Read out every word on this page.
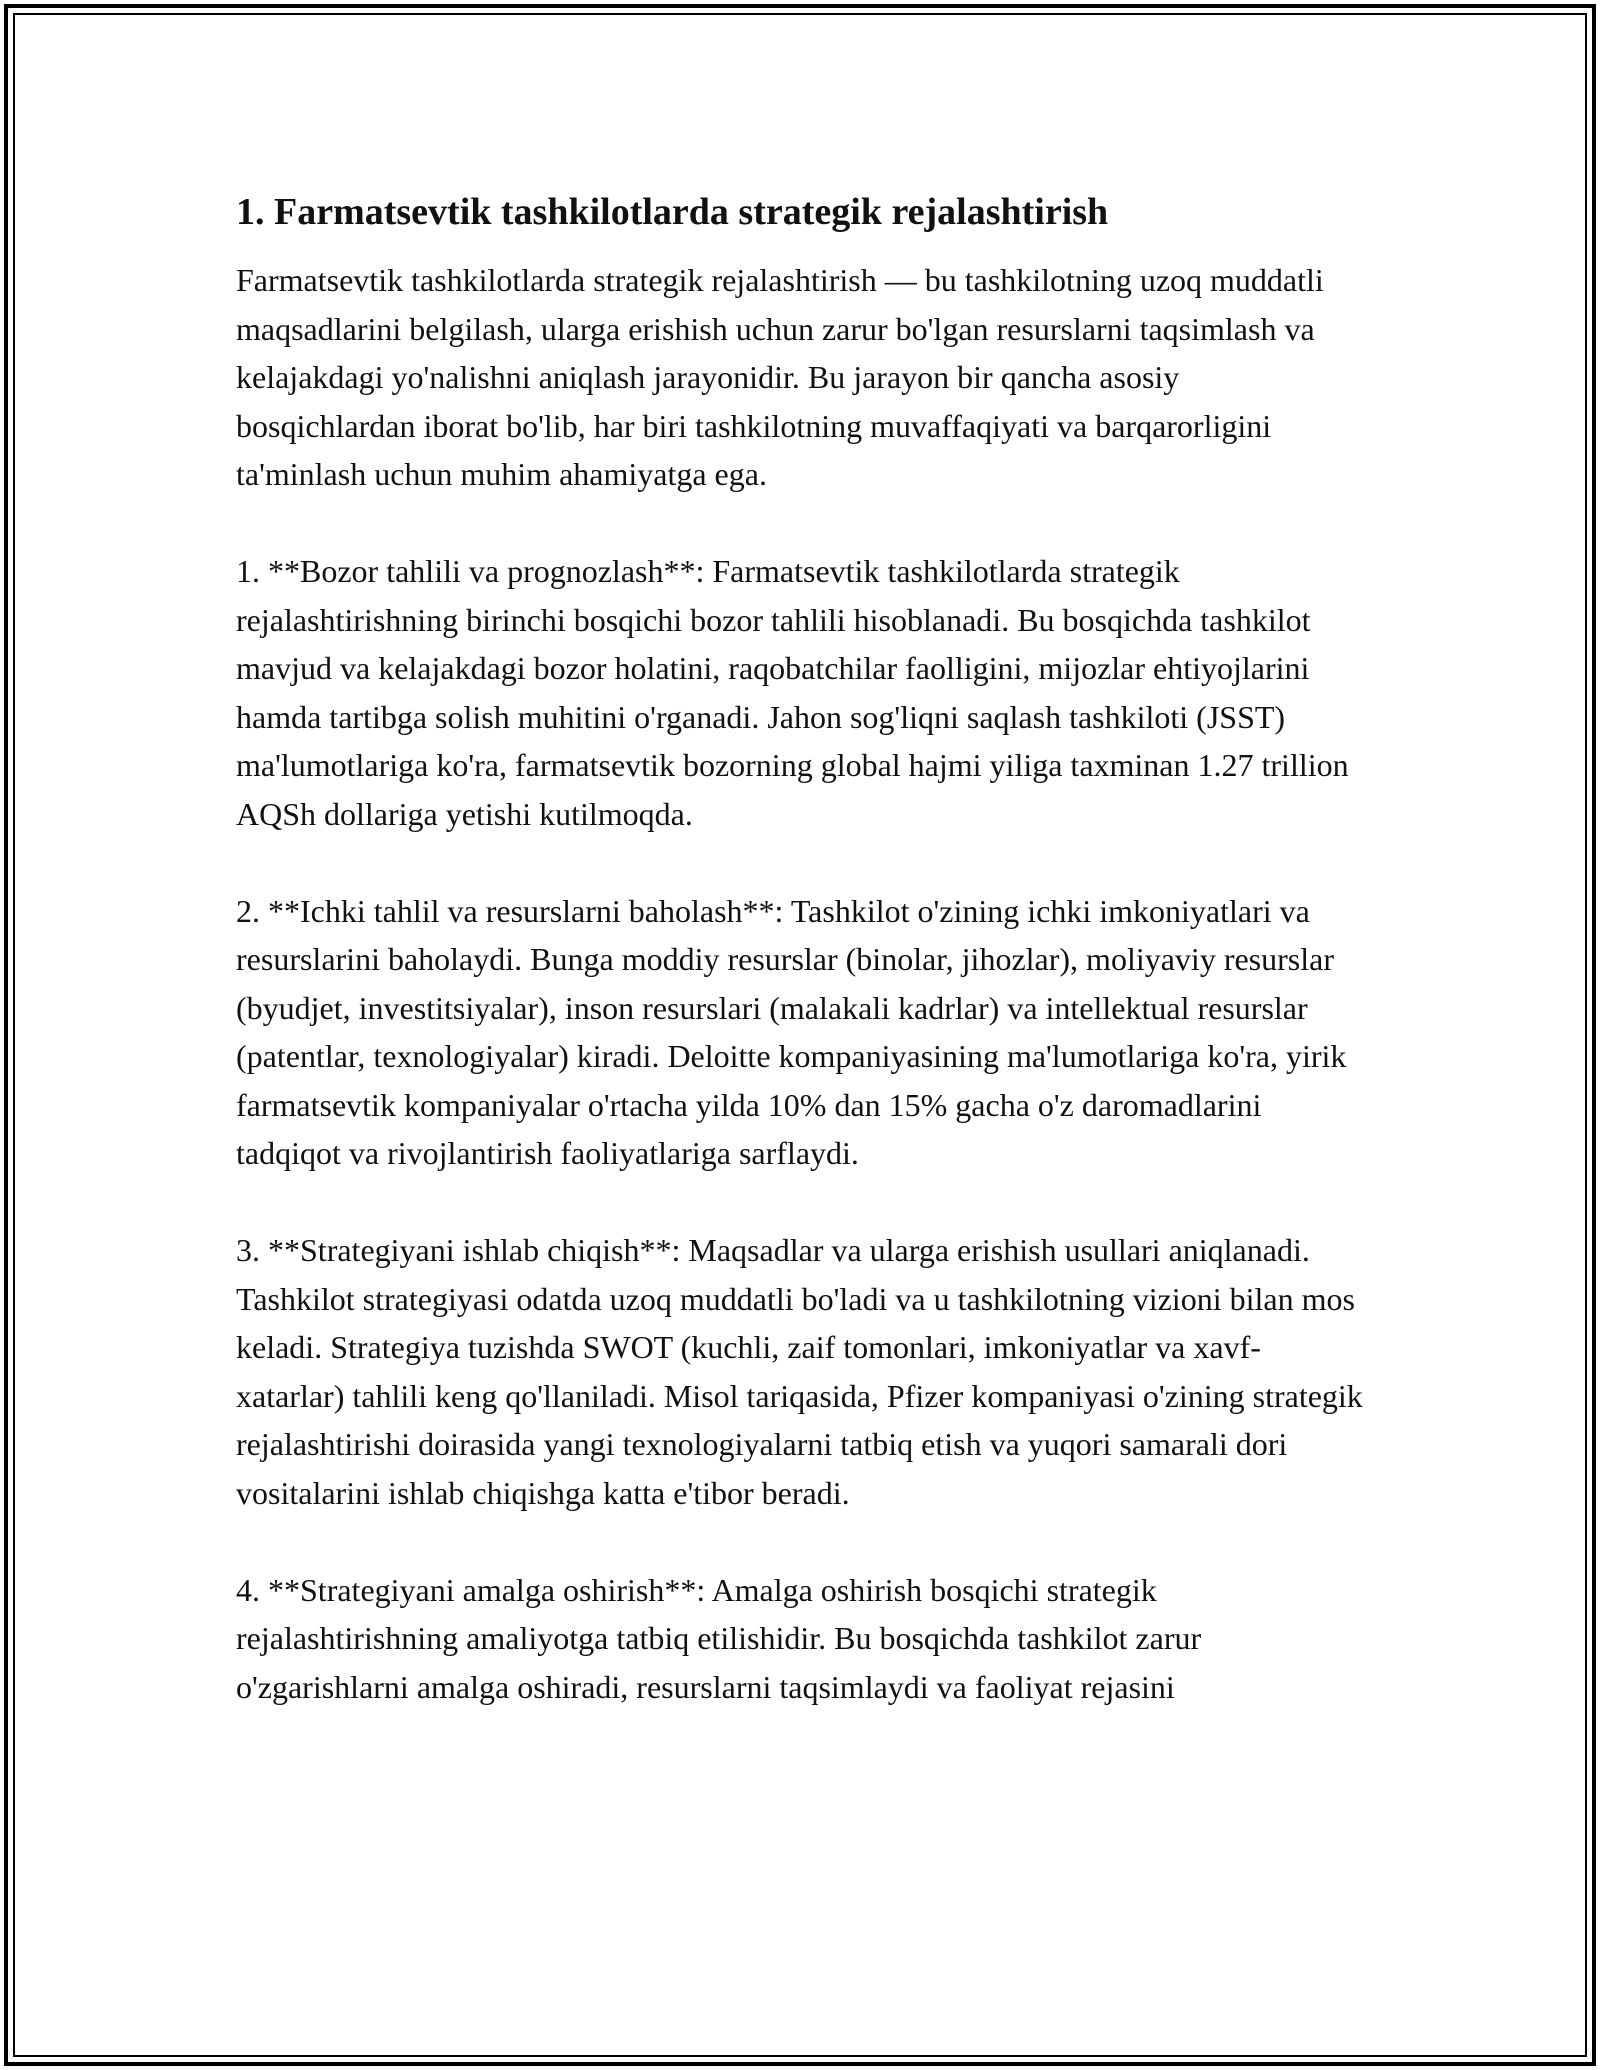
1. Farmatsevtik tashkilotlarda strategik rejalashtirish

Farmatsevtik tashkilotlarda strategik rejalashtirish — bu tashkilotning uzoq muddatli maqsadlarini belgilash, ularga erishish uchun zarur bo'lgan resurslarni taqsimlash va kelajakdagi yo'nalishni aniqlash jarayonidir. Bu jarayon bir qancha asosiy bosqichlardan iborat bo'lib, har biri tashkilotning muvaffaqiyati va barqarorligini ta'minlash uchun muhim ahamiyatga ega.

1. **Bozor tahlili va prognozlash**: Farmatsevtik tashkilotlarda strategik rejalashtirishning birinchi bosqichi bozor tahlili hisoblanadi. Bu bosqichda tashkilot mavjud va kelajakdagi bozor holatini, raqobatchilar faolligini, mijozlar ehtiyojlarini hamda tartibga solish muhitini o'rganadi. Jahon sog'liqni saqlash tashkiloti (JSST) ma'lumotlariga ko'ra, farmatsevtik bozorning global hajmi yiliga taxminan 1.27 trillion AQSh dollariga yetishi kutilmoqda.

2. **Ichki tahlil va resurslarni baholash**: Tashkilot o'zining ichki imkoniyatlari va resurslarini baholaydi. Bunga moddiy resurslar (binolar, jihozlar), moliyaviy resurslar (byudjet, investitsiyalar), inson resurslari (malakali kadrlar) va intellektual resurslar (patentlar, texnologiyalar) kiradi. Deloitte kompaniyasining ma'lumotlariga ko'ra, yirik farmatsevtik kompaniyalar o'rtacha yilda 10% dan 15% gacha o'z daromadlarini tadqiqot va rivojlantirish faoliyatlariga sarflaydi.

3. **Strategiyani ishlab chiqish**: Maqsadlar va ularga erishish usullari aniqlanadi. Tashkilot strategiyasi odatda uzoq muddatli bo'ladi va u tashkilotning vizioni bilan mos keladi. Strategiya tuzishda SWOT (kuchli, zaif tomonlari, imkoniyatlar va xavf-xatarlar) tahlili keng qo'llaniladi. Misol tariqasida, Pfizer kompaniyasi o'zining strategik rejalashtirishi doirasida yangi texnologiyalarni tatbiq etish va yuqori samarali dori vositalarini ishlab chiqishga katta e'tibor beradi.

4. **Strategiyani amalga oshirish**: Amalga oshirish bosqichi strategik rejalashtirishning amaliyotga tatbiq etilishidir. Bu bosqichda tashkilot zarur o'zgarishlarni amalga oshiradi, resurslarni taqsimlaydi va faoliyat rejasini
